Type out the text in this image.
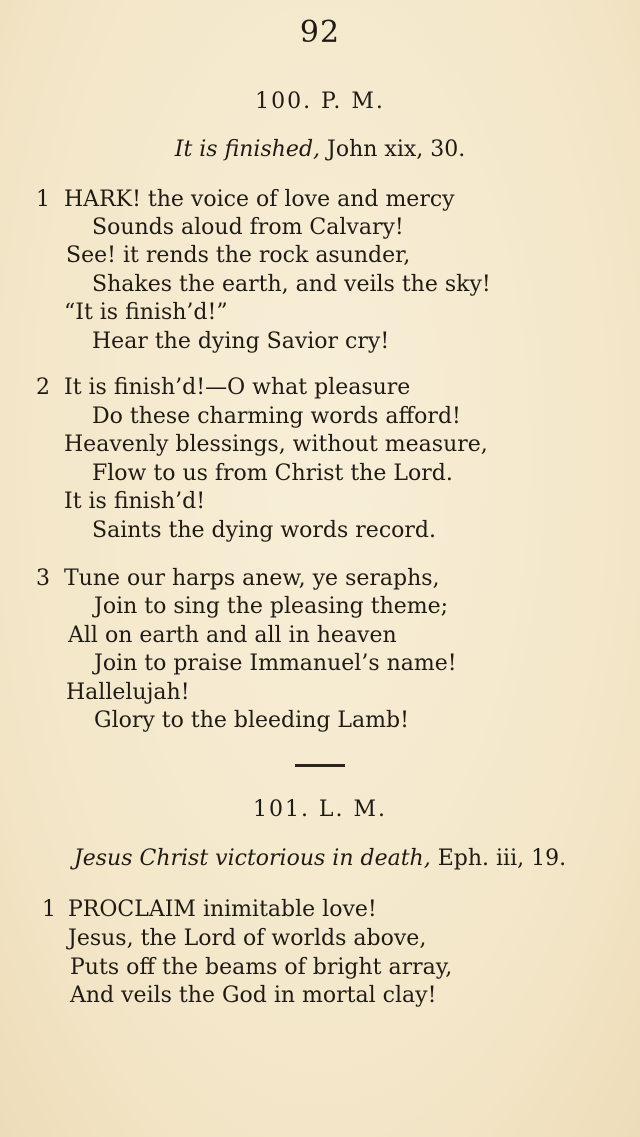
92
100. P. M.
It is finished, John xix, 30.
1 HARK! the voice of love and mercy
Sounds aloud from Calvary!
See! it rends the rock asunder,
Shakes the earth, and veils the sky!
“It is finish’d!”
Hear the dying Savior cry!
2 It is finish’d!—O what pleasure
Do these charming words afford!
Heavenly blessings, without measure,
Flow to us from Christ the Lord.
It is finish’d!
Saints the dying words record.
3 Tune our harps anew, ye seraphs,
Join to sing the pleasing theme;
All on earth and all in heaven
Join to praise Immanuel’s name!
Hallelujah!
Glory to the bleeding Lamb!
101. L. M.
Jesus Christ victorious in death, Eph. iii, 19.
1 PROCLAIM inimitable love!
Jesus, the Lord of worlds above,
Puts off the beams of bright array,
And veils the God in mortal clay!
